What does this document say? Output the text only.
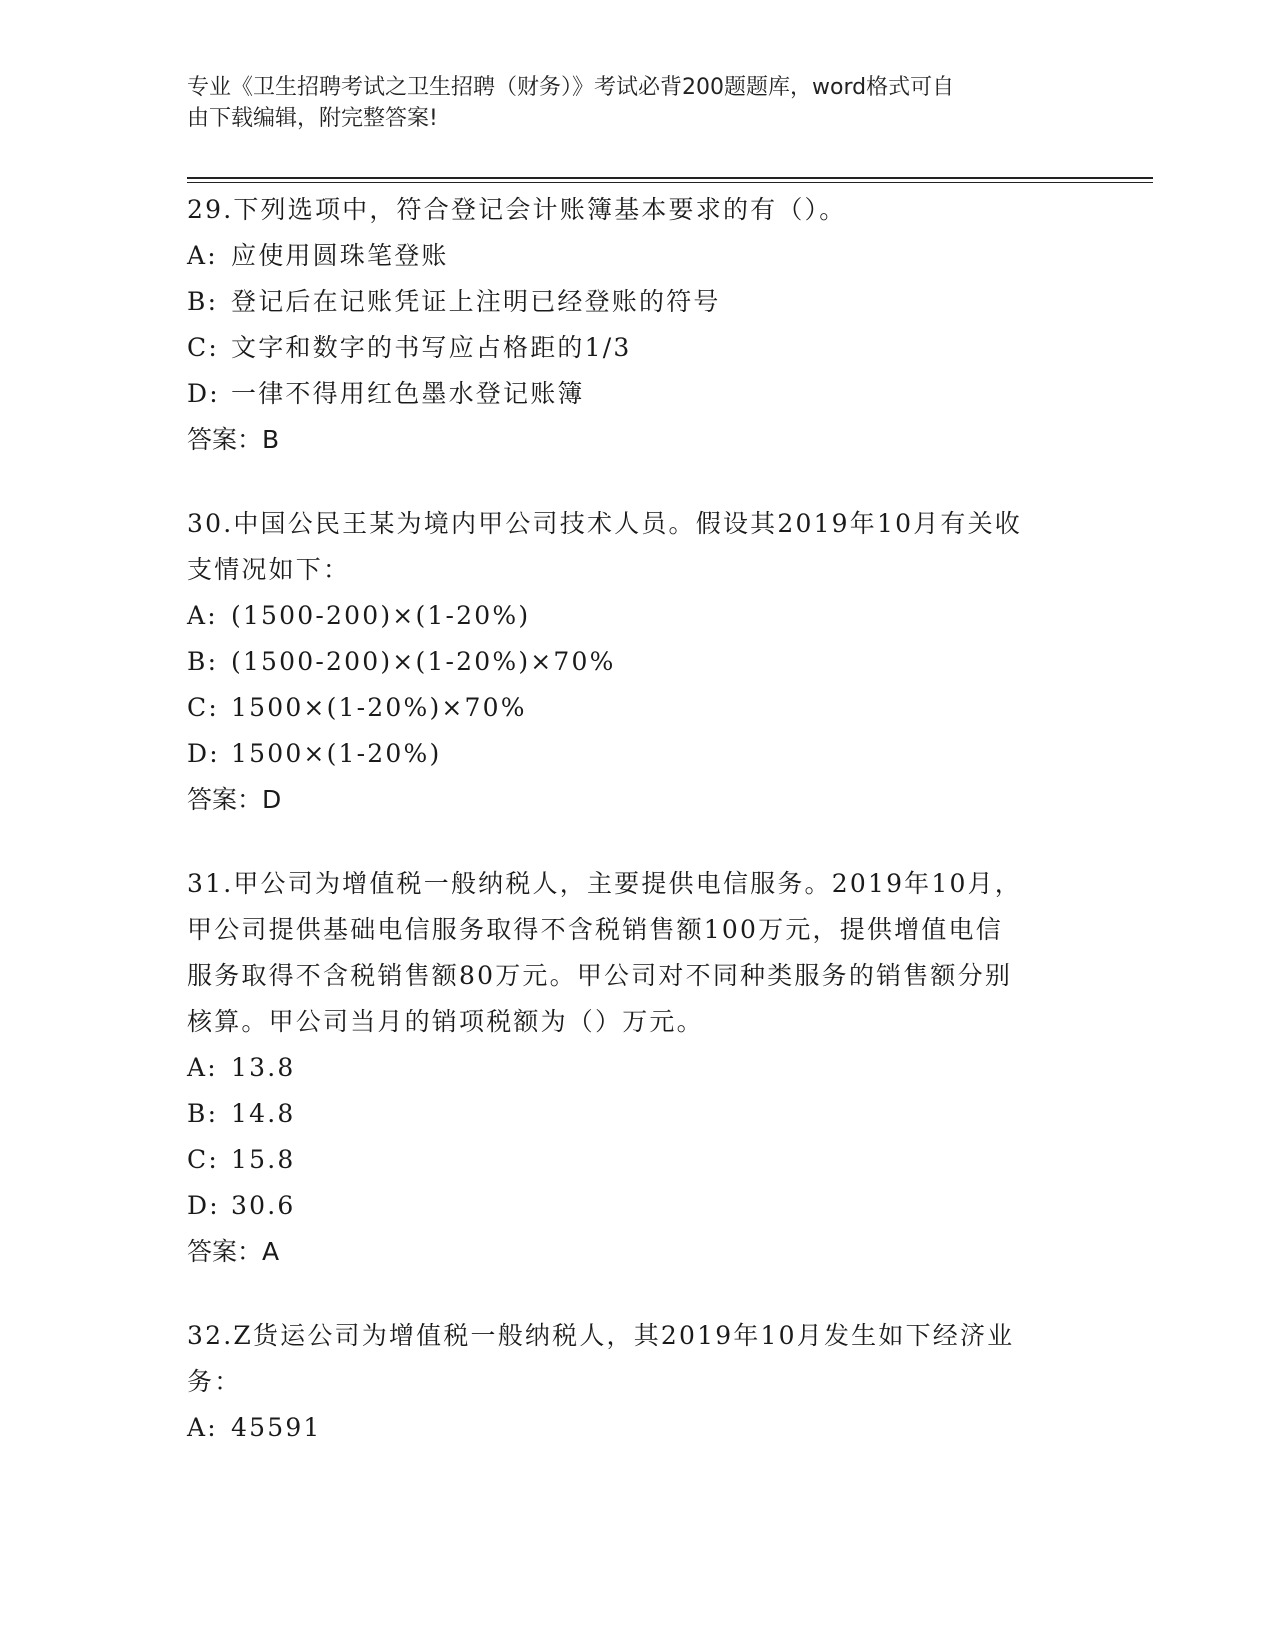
专业《卫生招聘考试之卫生招聘（财务）》考试必背200题题库，word格式可自
由下载编辑，附完整答案!
29.下列选项中，符合登记会计账簿基本要求的有（）。
A: 应使用圆珠笔登账
B: 登记后在记账凭证上注明已经登账的符号
C: 文字和数字的书写应占格距的1/3
D: 一律不得用红色墨水登记账簿
答案：B
30.中国公民王某为境内甲公司技术人员。假设其2019年10月有关收
支情况如下：
A: (1500-200)×(1-20%)
B: (1500-200)×(1-20%)×70%
C: 1500×(1-20%)×70%
D: 1500×(1-20%)
答案：D
31.甲公司为增值税一般纳税人，主要提供电信服务。2019年10月，
甲公司提供基础电信服务取得不含税销售额100万元，提供增值电信
服务取得不含税销售额80万元。甲公司对不同种类服务的销售额分别
核算。甲公司当月的销项税额为（）万元。
A: 13.8
B: 14.8
C: 15.8
D: 30.6
答案：A
32.Z货运公司为增值税一般纳税人，其2019年10月发生如下经济业
务：
A: 45591
